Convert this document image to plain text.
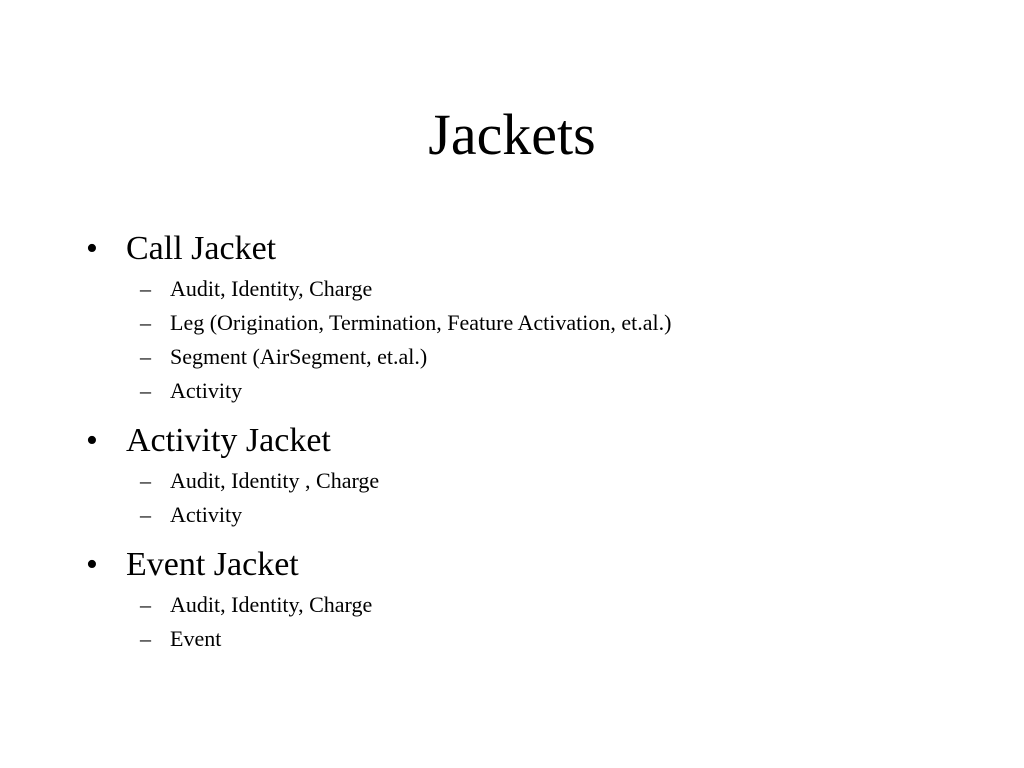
Jackets
• Call Jacket
– Audit, Identity, Charge
– Leg (Origination, Termination, Feature Activation, et.al.)
– Segment (AirSegment, et.al.)
– Activity
• Activity Jacket
– Audit, Identity , Charge
– Activity
• Event Jacket
– Audit, Identity, Charge
– Event
